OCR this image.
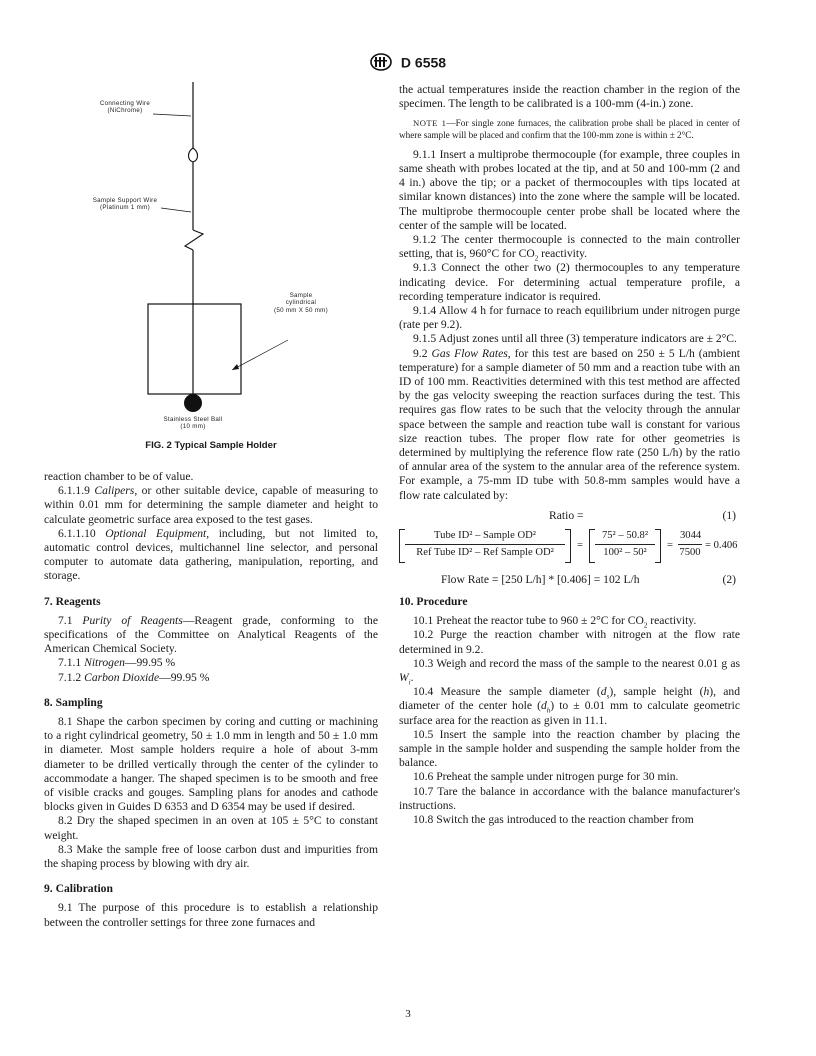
D 6558
Connecting Wire
(NiChrome)
Sample Support Wire
(Platinum 1 mm)
Sample
cylindrical
(50 mm X 50 mm)
Stainless Steel Ball
(10 mm)
FIG. 2 Typical Sample Holder

reaction chamber to be of value.

6.1.1.9 Calipers, or other suitable device, capable of measuring to within 0.01 mm for determining the sample diameter and height to calculate geometric surface area exposed to the test gases.

6.1.1.10 Optional Equipment, including, but not limited to, automatic control devices, multichannel line selector, and personal computer to automate data gathering, manipulation, reporting, and storage.

7. Reagents

7.1 Purity of Reagents—Reagent grade, conforming to the specifications of the Committee on Analytical Reagents of the American Chemical Society.

7.1.1 Nitrogen—99.95 %

7.1.2 Carbon Dioxide—99.95 %

8. Sampling

8.1 Shape the carbon specimen by coring and cutting or machining to a right cylindrical geometry, 50 ± 1.0 mm in length and 50 ± 1.0 mm in diameter. Most sample holders require a hole of about 3-mm diameter to be drilled vertically through the center of the cylinder to accommodate a hanger. The shaped specimen is to be smooth and free of visible cracks and gouges. Sampling plans for anodes and cathode blocks given in Guides D 6353 and D 6354 may be used if desired.

8.2 Dry the shaped specimen in an oven at 105 ± 5°C to constant weight.

8.3 Make the sample free of loose carbon dust and impurities from the shaping process by blowing with dry air.

9. Calibration

9.1 The purpose of this procedure is to establish a relationship between the controller settings for three zone furnaces and

the actual temperatures inside the reaction chamber in the region of the specimen. The length to be calibrated is a 100-mm (4-in.) zone.

NOTE 1—For single zone furnaces, the calibration probe shall be placed in center of where sample will be placed and confirm that the 100-mm zone is within ± 2°C.

9.1.1 Insert a multiprobe thermocouple (for example, three couples in same sheath with probes located at the tip, and at 50 and 100-mm (2 and 4 in.) above the tip; or a packet of thermocouples with tips located at similar known distances) into the zone where the sample will be located. The multiprobe thermocouple center probe shall be located where the center of the sample will be located.

9.1.2 The center thermocouple is connected to the main controller setting, that is, 960°C for $CO_2$ reactivity.

9.1.3 Connect the other two (2) thermocouples to any temperature indicating device. For determining actual temperature profile, a recording temperature indicator is required.

9.1.4 Allow 4 h for furnace to reach equilibrium under nitrogen purge (rate per 9.2).

9.1.5 Adjust zones until all three (3) temperature indicators are ± 2°C.

9.2 Gas Flow Rates, for this test are based on 250 ± 5 L/h (ambient temperature) for a sample diameter of 50 mm and a reaction tube with an ID of 100 mm. Reactivities determined with this test method are affected by the gas velocity sweeping the reaction surfaces during the test. This requires gas flow rates to be such that the velocity through the annular space between the sample and reaction tube wall is constant for various size reaction tubes. The proper flow rate for other geometries is determined by multiplying the reference flow rate (250 L/h) by the ratio of annular area of the system to the annular area of the reference system. For example, a 75-mm ID tube with 50.8-mm samples would have a flow rate calculated by:

Ratio =	(1)
Tube ID² – Sample OD²
Ref Tube ID² – Ref Sample OD²
= $\frac{\text{75² – 50.8²}}{\text{100² – 50²}} = \frac{3044}{7500} = 0.406$
Flow Rate = [250 L/h] * [0.406] = 102 L/h	(2)
10. Procedure

10.1 Preheat the reactor tube to 960 ± 2°C for $CO_2$ reactivity.

10.2 Purge the reaction chamber with nitrogen at the flow rate determined in 9.2.

10.3 Weigh and record the mass of the sample to the nearest 0.01 g as $W_i$.

10.4 Measure the sample diameter $(d_s)$, sample height (h), and diameter of the center hole $(d_h)$ to ± 0.01 mm to calculate geometric surface area for the reaction as given in 11.1.

10.5 Insert the sample into the reaction chamber by placing the sample in the sample holder and suspending the sample holder from the balance.

10.6 Preheat the sample under nitrogen purge for 30 min.

10.7 Tare the balance in accordance with the balance manufacturer's instructions.

10.8 Switch the gas introduced to the reaction chamber from

3
